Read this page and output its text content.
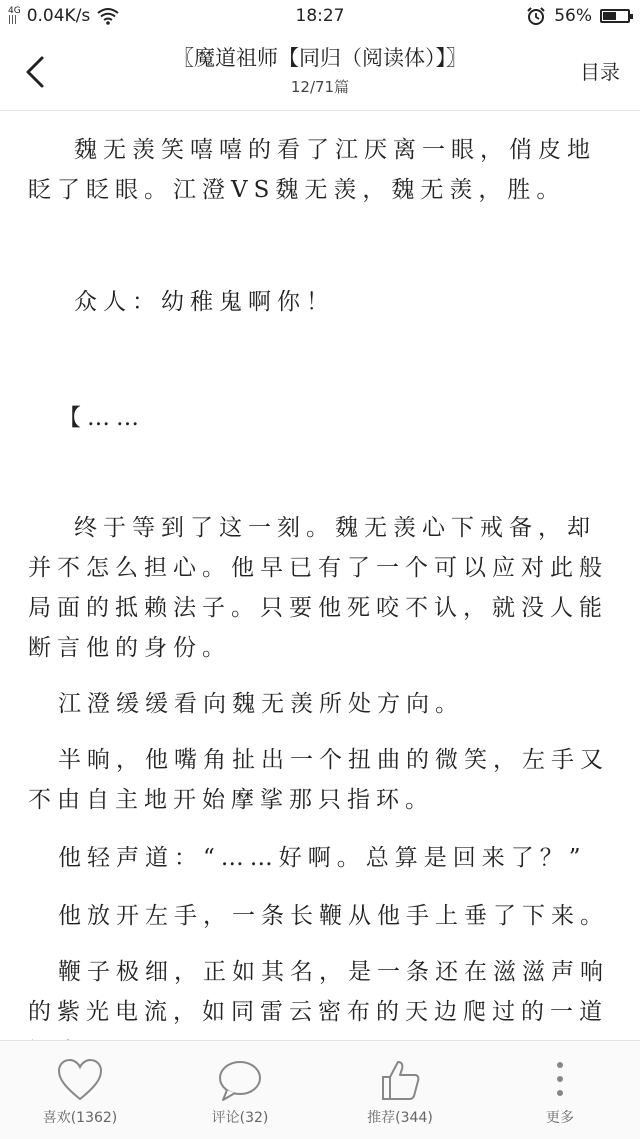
4G
||| 0.04K/s	18:27	56%
〖魔道祖师【同归（阅读体）】〗
12/71篇
目录

魏无羡笑嘻嘻的看了江厌离一眼，俏皮地眨了眨眼。江澄VS魏无羡，魏无羡，胜。

众人：幼稚鬼啊你！

【……

终于等到了这一刻。魏无羡心下戒备，却并不怎么担心。他早已有了一个可以应对此般局面的抵赖法子。只要他死咬不认，就没人能断言他的身份。

江澄缓缓看向魏无羡所处方向。

半晌，他嘴角扯出一个扭曲的微笑，左手又不由自主地开始摩挲那只指环。

他轻声道：“……好啊。总算是回来了？”

他放开左手，一条长鞭从他手上垂了下来。

鞭子极细，正如其名，是一条还在滋滋声响的紫光电流，如同雷云密布的天边爬过的一道

喜欢(1362)	评论(32)	推荐(344)	更多
